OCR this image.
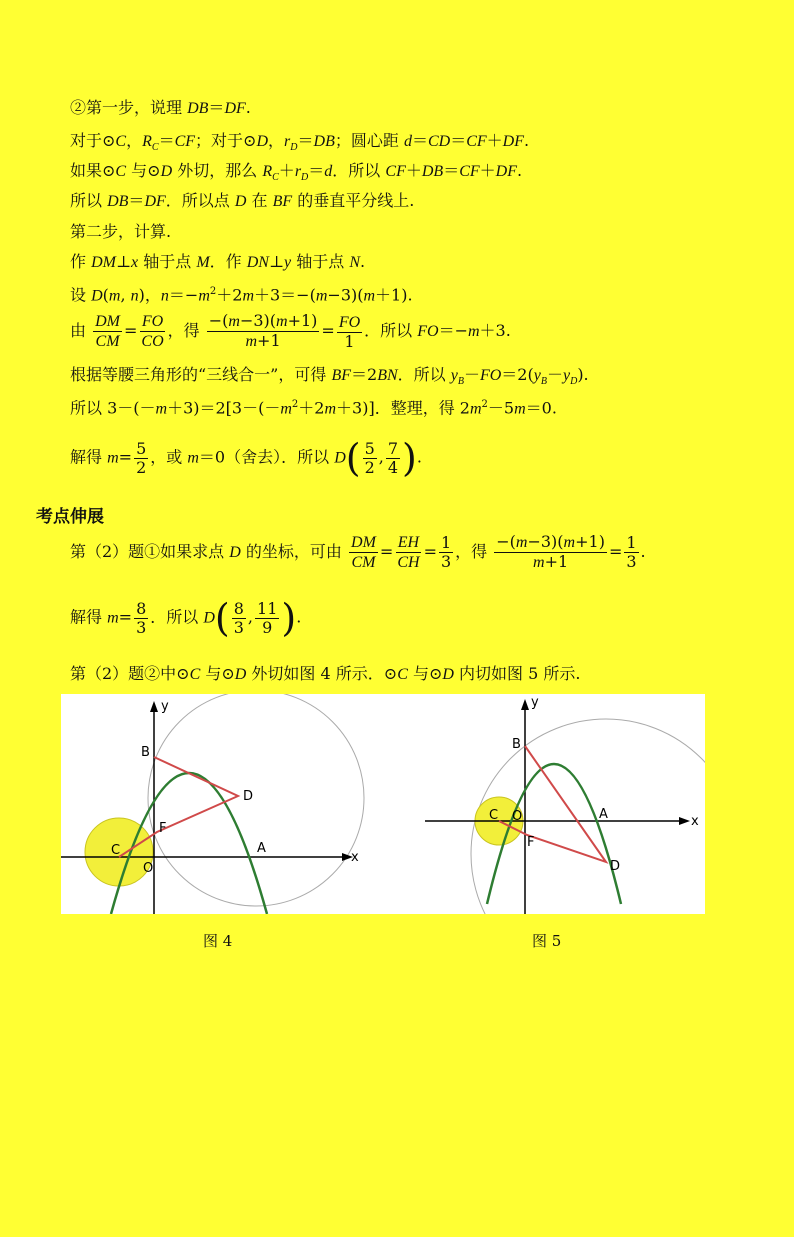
②第一步，说理 DB＝DF.
对于⊙C，$R_C=CF$；对于⊙D，$r_D=DB$；圆心距 d＝CD＝CF＋DF.
如果⊙C 与⊙D 外切，那么 $R_C+r_D=d$．所以 CF＋DB＝CF＋DF.
所以 DB＝DF．所以点 D 在 BF 的垂直平分线上.
第二步，计算.
作 DM⊥x 轴于点 M．作 DN⊥y 轴于点 N.
设 D(m, n)，$n=-m^2+2m+3=-(m-3)(m+1)$.
由 $\frac{DM}{CM} = \frac{FO}{CO}$ ，得 $\frac{-(m-3)(m+1)}{m+1} = \frac{FO}{1}$ ．所以 FO＝−m＋3.
根据等腰三角形的“三线合一”，可得 BF＝2BN．所以 $y_B-FO=2(y_B-y_D)$.
所以 $3-(-m+3)=2[3-(-m^2+2m+3)]$．整理，得 $2m^2-5m=0$.
解得 $m= \frac{5}{2}$ ，或 m＝0（舍去）．所以 $D( \frac{5}{2}$ , $\frac{7}{4}$ ).
考点伸展
第（2）题①如果求点 D 的坐标，可由 $\frac{DM}{CM} = \frac{EH}{CH} = \frac{1}{3}$ ，得 $\frac{-(m-3)(m+1)}{m+1} = \frac{1}{3}$ .
解得 $m= \frac{8}{3}$ ．所以 $D( \frac{8}{3}$ , $\frac{11}{9}$ ).
第（2）题②中⊙C 与⊙D 外切如图 4 所示．⊙C 与⊙D 内切如图 5 所示.
y
B
D
F
C
O
A
x
y
B
A
C O
F
D
x
图 4	图 5
